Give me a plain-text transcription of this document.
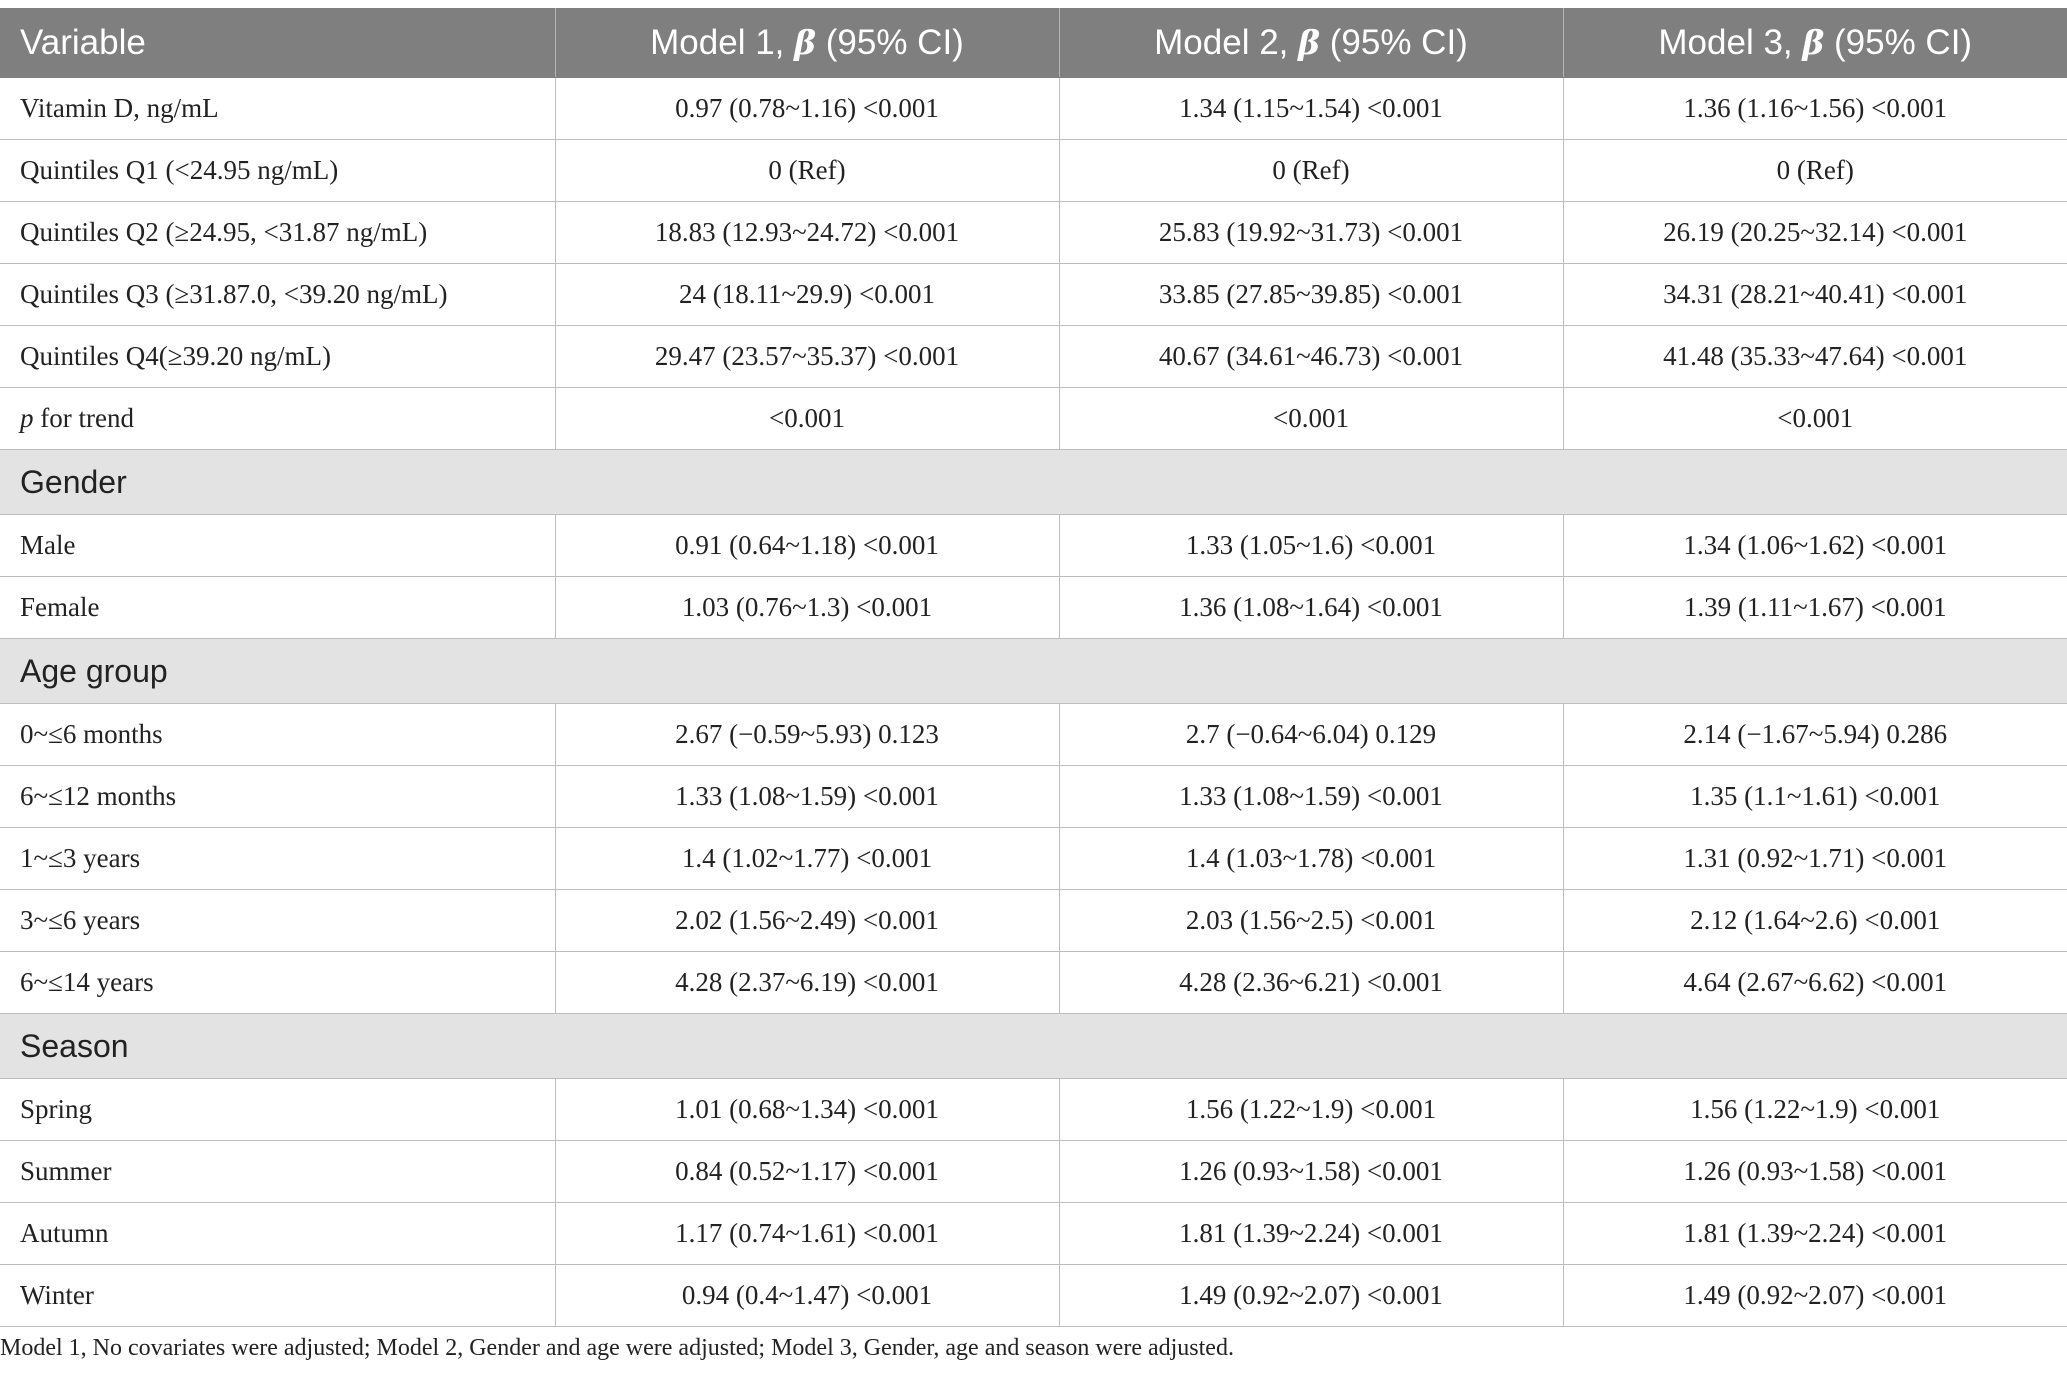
Variable	Model 1, β (95% CI)	Model 2, β (95% CI)	Model 3, β (95% CI)
Vitamin D, ng/mL	0.97 (0.78~1.16) <0.001	1.34 (1.15~1.54) <0.001	1.36 (1.16~1.56) <0.001
Quintiles Q1 (<24.95 ng/mL)	0 (Ref)	0 (Ref)	0 (Ref)
Quintiles Q2 (≥24.95, <31.87 ng/mL)	18.83 (12.93~24.72) <0.001	25.83 (19.92~31.73) <0.001	26.19 (20.25~32.14) <0.001
Quintiles Q3 (≥31.87.0, <39.20 ng/mL)	24 (18.11~29.9) <0.001	33.85 (27.85~39.85) <0.001	34.31 (28.21~40.41) <0.001
Quintiles Q4(≥39.20 ng/mL)	29.47 (23.57~35.37) <0.001	40.67 (34.61~46.73) <0.001	41.48 (35.33~47.64) <0.001
p for trend	<0.001	<0.001	<0.001
Gender			
Male	0.91 (0.64~1.18) <0.001	1.33 (1.05~1.6) <0.001	1.34 (1.06~1.62) <0.001
Female	1.03 (0.76~1.3) <0.001	1.36 (1.08~1.64) <0.001	1.39 (1.11~1.67) <0.001
Age group			
0~≤6 months	2.67 (−0.59~5.93) 0.123	2.7 (−0.64~6.04) 0.129	2.14 (−1.67~5.94) 0.286
6~≤12 months	1.33 (1.08~1.59) <0.001	1.33 (1.08~1.59) <0.001	1.35 (1.1~1.61) <0.001
1~≤3 years	1.4 (1.02~1.77) <0.001	1.4 (1.03~1.78) <0.001	1.31 (0.92~1.71) <0.001
3~≤6 years	2.02 (1.56~2.49) <0.001	2.03 (1.56~2.5) <0.001	2.12 (1.64~2.6) <0.001
6~≤14 years	4.28 (2.37~6.19) <0.001	4.28 (2.36~6.21) <0.001	4.64 (2.67~6.62) <0.001
Season			
Spring	1.01 (0.68~1.34) <0.001	1.56 (1.22~1.9) <0.001	1.56 (1.22~1.9) <0.001
Summer	0.84 (0.52~1.17) <0.001	1.26 (0.93~1.58) <0.001	1.26 (0.93~1.58) <0.001
Autumn	1.17 (0.74~1.61) <0.001	1.81 (1.39~2.24) <0.001	1.81 (1.39~2.24) <0.001
Winter	0.94 (0.4~1.47) <0.001	1.49 (0.92~2.07) <0.001	1.49 (0.92~2.07) <0.001
Model 1, No covariates were adjusted; Model 2, Gender and age were adjusted; Model 3, Gender, age and season were adjusted.
